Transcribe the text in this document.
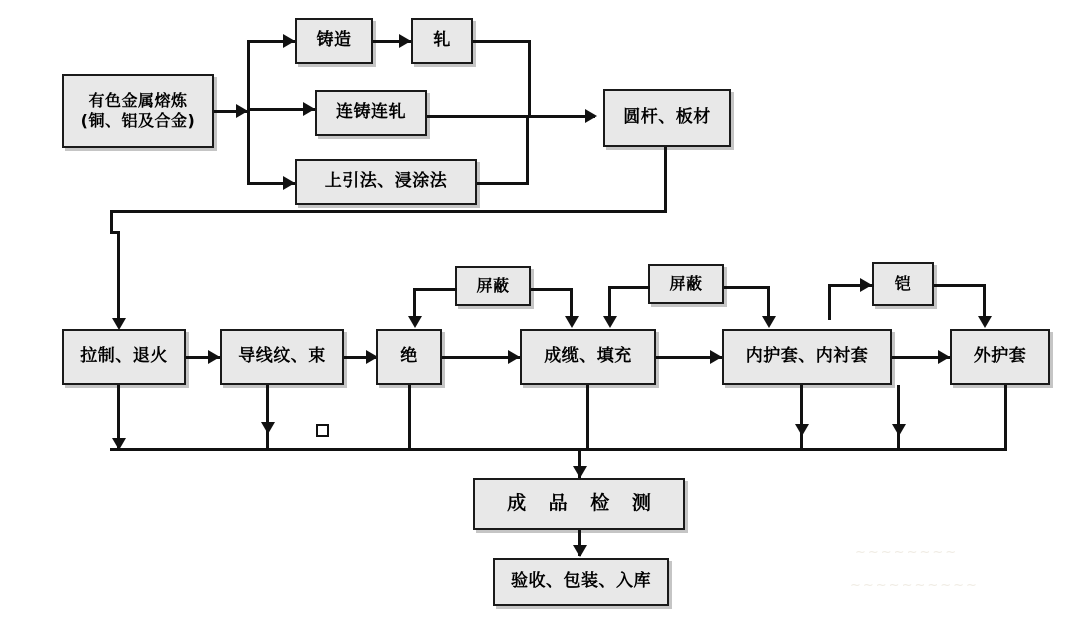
有色金属熔炼
(铜、铝及合金)
铸造	轧
连铸连轧
上引法、浸涂法
圆杆、板材
拉制、退火	导线纹、束	绝
屏蔽
成缆、填充
屏蔽
内护套、内衬套
铠
外护套
成 品 检 测
验收、包装、入库
~~~~~~~~
~~~~~~~~~~
